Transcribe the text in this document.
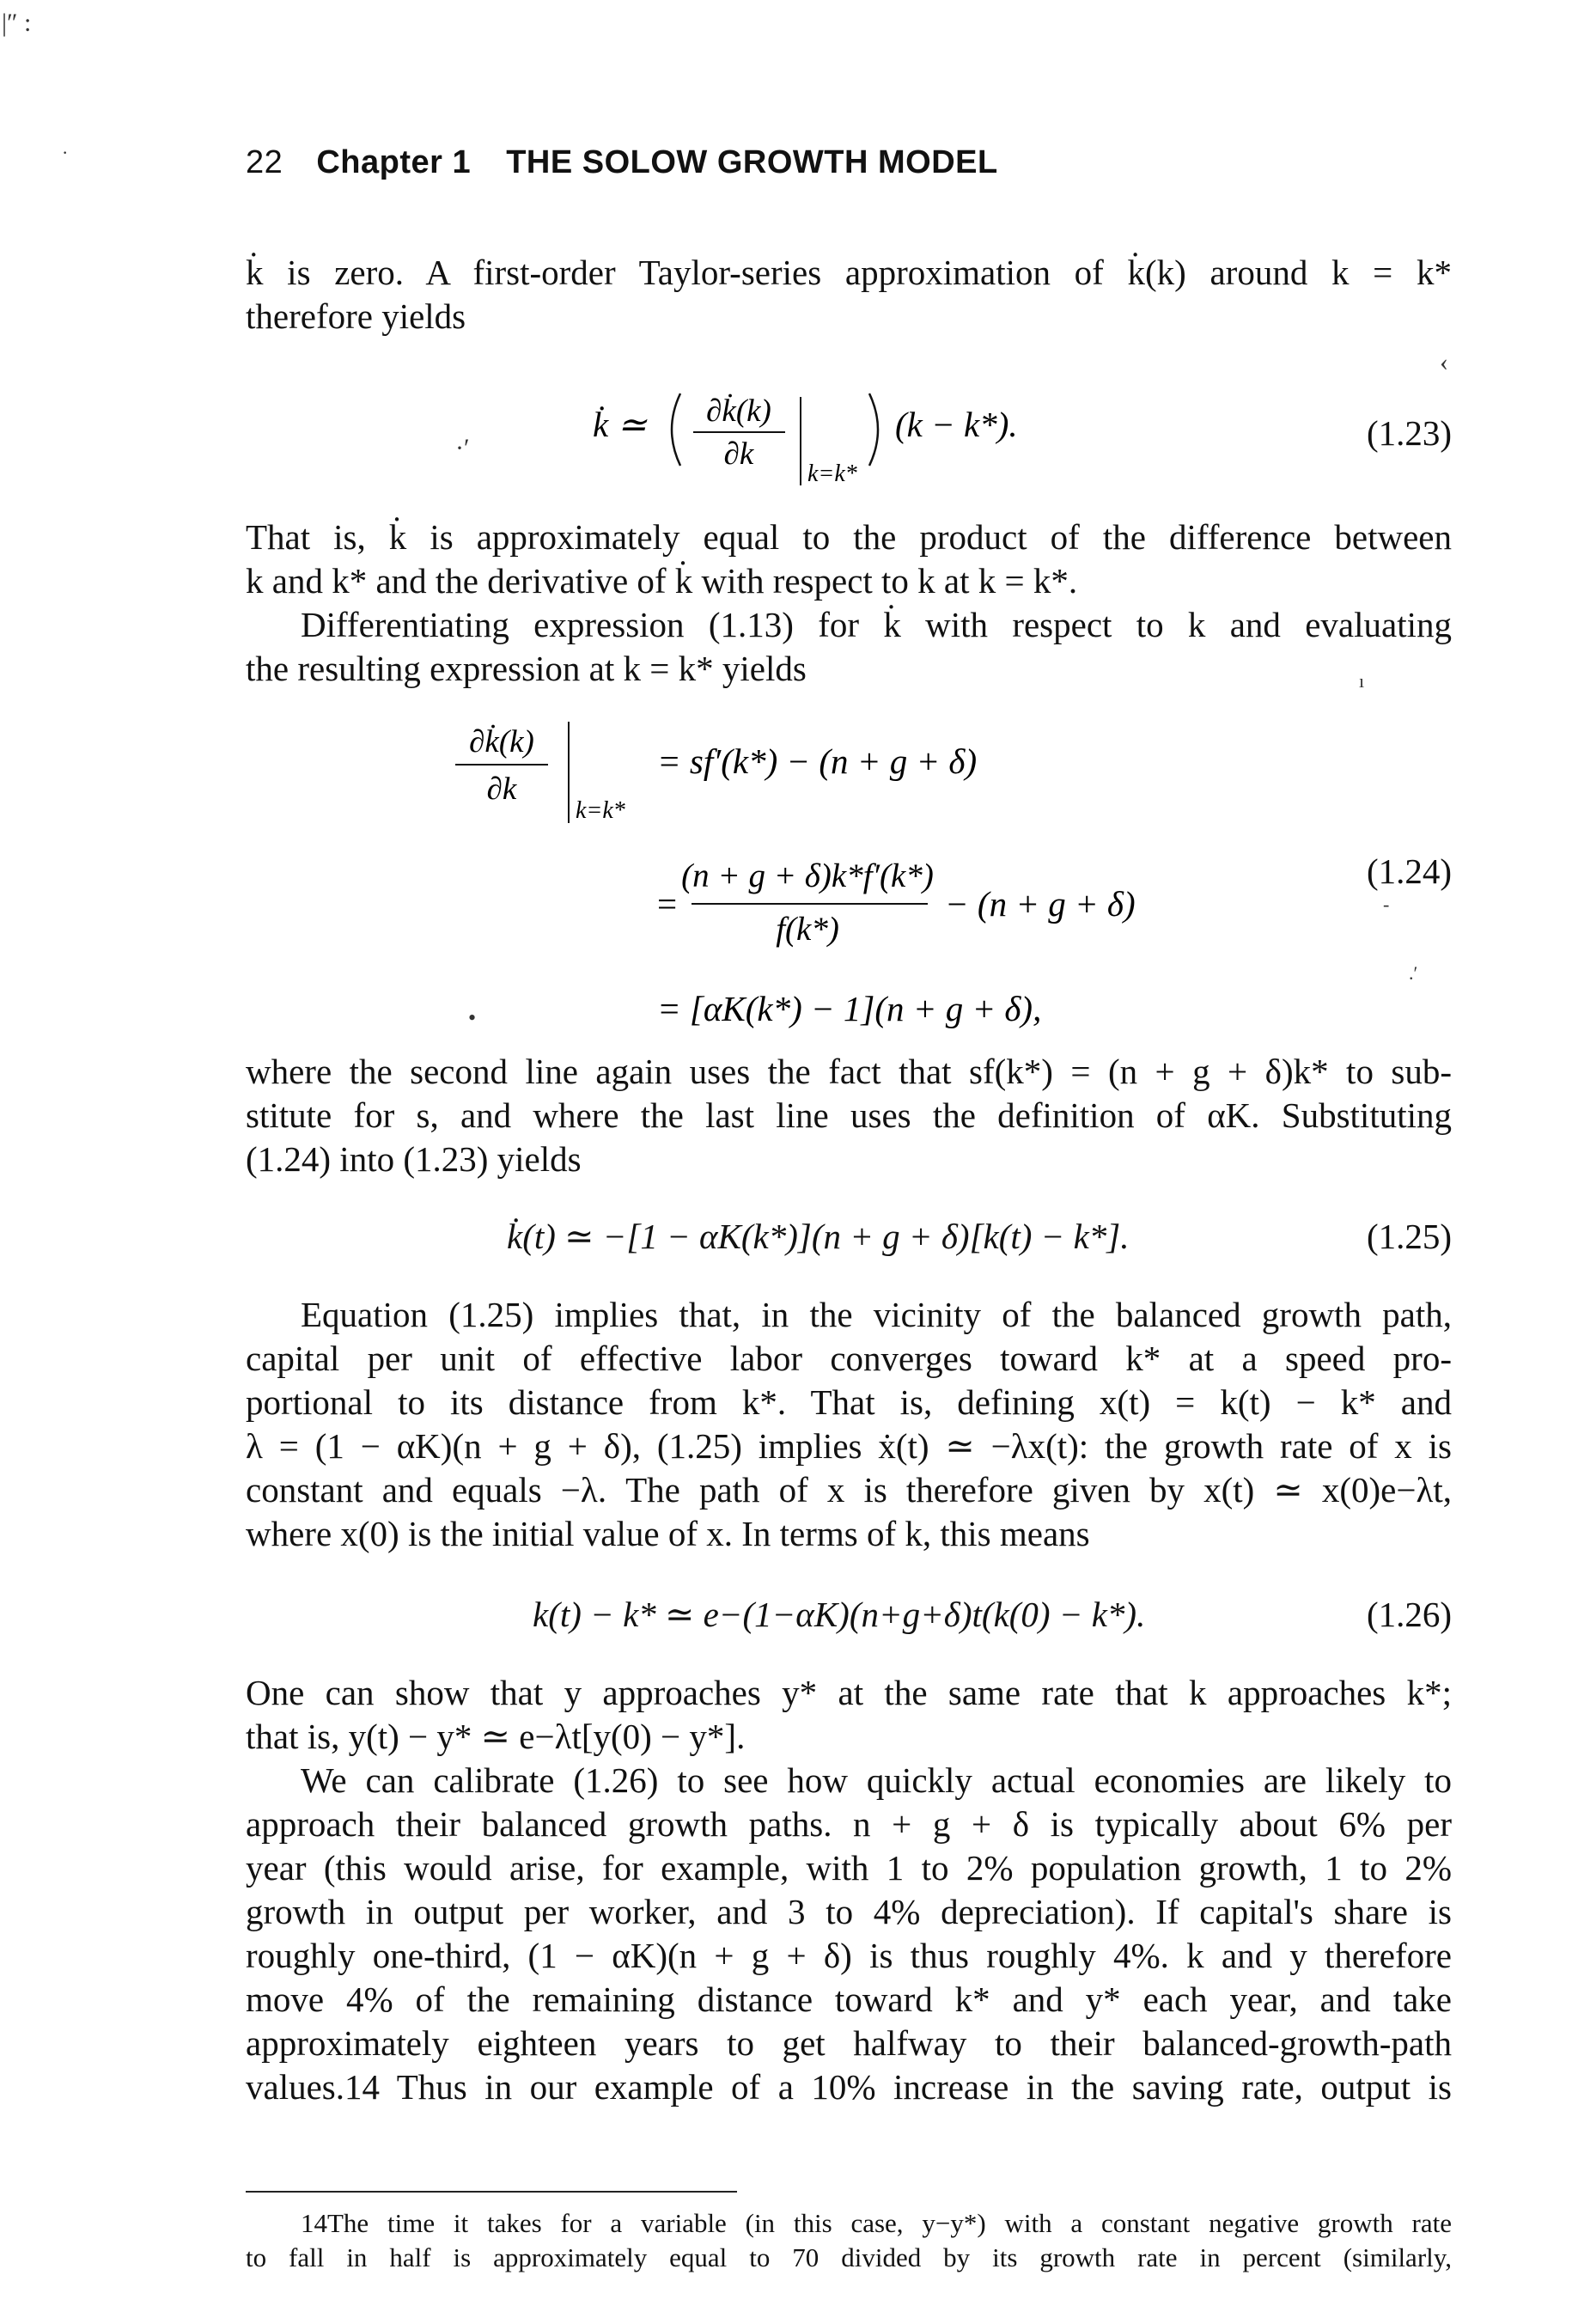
|″ :
·	22 Chapter 1 THE SOLOW GROWTH MODEL
k̇ is zero. A first-order Taylor-series approximation of k̇(k) around k = k*
therefore yields
k̇ ≃ ∂k̇(k)
∂k
k=k*
(k − k*).	(1.23)
·′
‹
That is, k̇ is approximately equal to the product of the difference between
k and k* and the derivative of k̇ with respect to k at k = k*.
Differentiating expression (1.13) for k̇ with respect to k and evaluating
the resulting expression at k = k* yields	ı
∂k̇(k)
∂k
k=k*
= sf′(k*) − (n + g + δ)
=
(n + g + δ)k*f′(k*)
f(k*)
− (n + g + δ)
= [αK(k*) − 1](n + g + δ),
(1.24)
-
.′
•
where the second line again uses the fact that sf(k*) = (n + g + δ)k* to sub-
stitute for s, and where the last line uses the definition of αK. Substituting
(1.24) into (1.23) yields
k̇(t) ≃ −[1 − αK(k*)](n + g + δ)[k(t) − k*].	(1.25)
Equation (1.25) implies that, in the vicinity of the balanced growth path,
capital per unit of effective labor converges toward k* at a speed pro-
portional to its distance from k*. That is, defining x(t) = k(t) − k* and
λ = (1 − αK)(n + g + δ), (1.25) implies ẋ(t) ≃ −λx(t): the growth rate of x is
constant and equals −λ. The path of x is therefore given by x(t) ≃ x(0)e−λt,
where x(0) is the initial value of x. In terms of k, this means
k(t) − k* ≃ e−(1−αK)(n+g+δ)t(k(0) − k*).	(1.26)
One can show that y approaches y* at the same rate that k approaches k*;
that is, y(t) − y* ≃ e−λt[y(0) − y*].
We can calibrate (1.26) to see how quickly actual economies are likely to
approach their balanced growth paths. n + g + δ is typically about 6% per
year (this would arise, for example, with 1 to 2% population growth, 1 to 2%
growth in output per worker, and 3 to 4% depreciation). If capital's share is
roughly one-third, (1 − αK)(n + g + δ) is thus roughly 4%. k and y therefore
move 4% of the remaining distance toward k* and y* each year, and take
approximately eighteen years to get halfway to their balanced-growth-path
values.14 Thus in our example of a 10% increase in the saving rate, output is
14The time it takes for a variable (in this case, y−y*) with a constant negative growth rate
to fall in half is approximately equal to 70 divided by its growth rate in percent (similarly,
